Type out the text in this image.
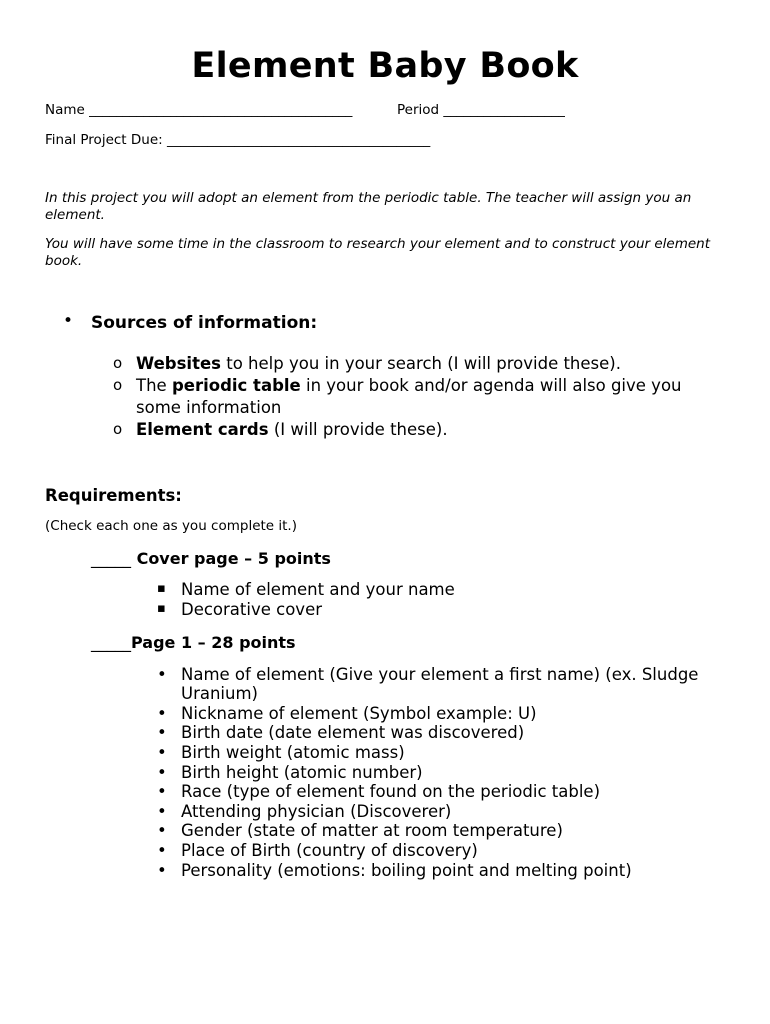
Element Baby Book
Name _______________________________________	Period __________________
Final Project Due: _______________________________________
In this project you will adopt an element from the periodic table. The teacher will assign you an element.
You will have some time in the classroom to research your element and to construct your element book.
• Sources of information:
o Websites to help you in your search (I will provide these).
o The periodic table in your book and/or agenda will also give you
some information
o Element cards (I will provide these).
Requirements:
(Check each one as you complete it.)
_____ Cover page – 5 points
▪ Name of element and your name
▪ Decorative cover
_____Page 1 – 28 points
• Name of element (Give your element a first name) (ex. Sludge
Uranium)
• Nickname of element (Symbol example: U)
• Birth date (date element was discovered)
• Birth weight (atomic mass)
• Birth height (atomic number)
• Race (type of element found on the periodic table)
• Attending physician (Discoverer)
• Gender (state of matter at room temperature)
• Place of Birth (country of discovery)
• Personality (emotions: boiling point and melting point)
